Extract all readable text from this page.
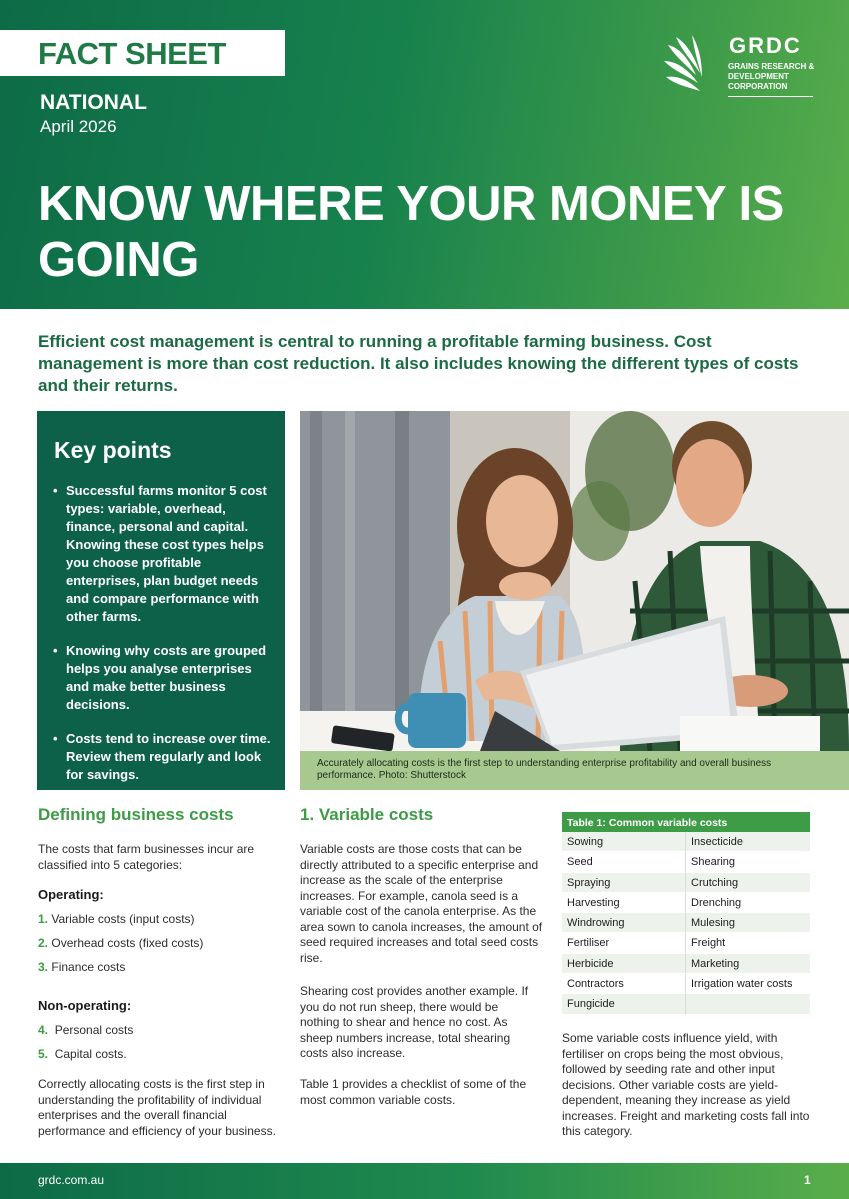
FACT SHEET
NATIONAL
April 2026
KNOW WHERE YOUR MONEY IS GOING
GRDC
GRAINS RESEARCH & DEVELOPMENT CORPORATION

Efficient cost management is central to running a profitable farming business. Cost management is more than cost reduction. It also includes knowing the different types of costs and their returns.

Key points
• Successful farms monitor 5 cost types: variable, overhead, finance, personal and capital. Knowing these cost types helps you choose profitable enterprises, plan budget needs and compare performance with other farms.
• Knowing why costs are grouped helps you analyse enterprises and make better business decisions.
• Costs tend to increase over time. Review them regularly and look for savings.

Accurately allocating costs is the first step to understanding enterprise profitability and overall business performance. Photo: Shutterstock

Defining business costs

The costs that farm businesses incur are classified into 5 categories:

Operating:

1. Variable costs (input costs)
2. Overhead costs (fixed costs)
3. Finance costs

Non-operating:

4. Personal costs
5. Capital costs.

Correctly allocating costs is the first step in understanding the profitability of individual enterprises and the overall financial performance and efficiency of your business.

1. Variable costs

Variable costs are those costs that can be directly attributed to a specific enterprise and increase as the scale of the enterprise increases. For example, canola seed is a variable cost of the canola enterprise. As the area sown to canola increases, the amount of seed required increases and total seed costs rise.

Shearing cost provides another example. If you do not run sheep, there would be nothing to shear and hence no cost. As sheep numbers increase, total shearing costs also increase.

Table 1 provides a checklist of some of the most common variable costs.

Table 1: Common variable costs
Sowing	Insecticide
Seed	Shearing
Spraying	Crutching
Harvesting	Drenching
Windrowing	Mulesing
Fertiliser	Freight
Herbicide	Marketing
Contractors	Irrigation water costs
Fungicide

Some variable costs influence yield, with fertiliser on crops being the most obvious, followed by seeding rate and other input decisions. Other variable costs are yield-dependent, meaning they increase as yield increases. Freight and marketing costs fall into this category.

grdc.com.au	1
